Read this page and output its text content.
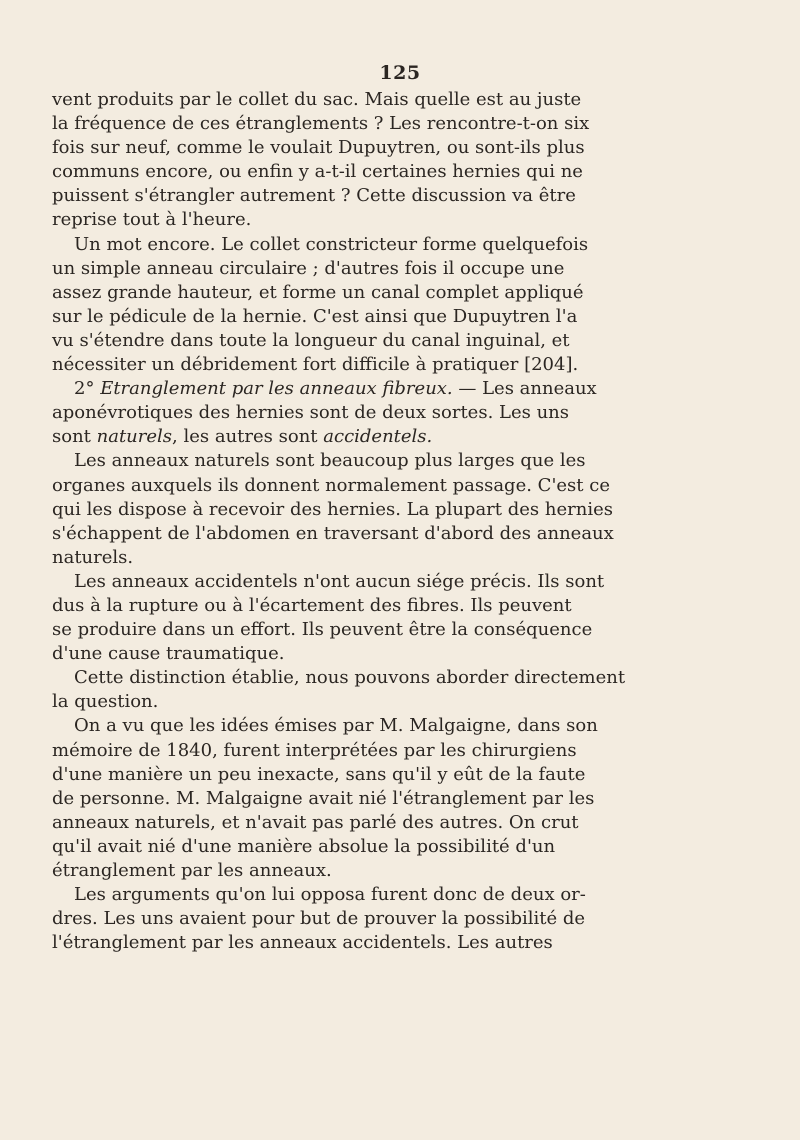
125
vent produits par le collet du sac. Mais quelle est au juste
la fréquence de ces étranglements ? Les rencontre-t-on six
fois sur neuf, comme le voulait Dupuytren, ou sont-ils plus
communs encore, ou enfin y a-t-il certaines hernies qui ne
puissent s'étrangler autrement ? Cette discussion va être
reprise tout à l'heure.
Un mot encore. Le collet constricteur forme quelquefois
un simple anneau circulaire ; d'autres fois il occupe une
assez grande hauteur, et forme un canal complet appliqué
sur le pédicule de la hernie. C'est ainsi que Dupuytren l'a
vu s'étendre dans toute la longueur du canal inguinal, et
nécessiter un débridement fort difficile à pratiquer [204].
2° Etranglement par les anneaux fibreux. — Les anneaux
aponévrotiques des hernies sont de deux sortes. Les uns
sont naturels, les autres sont accidentels.
Les anneaux naturels sont beaucoup plus larges que les
organes auxquels ils donnent normalement passage. C'est ce
qui les dispose à recevoir des hernies. La plupart des hernies
s'échappent de l'abdomen en traversant d'abord des anneaux
naturels.
Les anneaux accidentels n'ont aucun siége précis. Ils sont
dus à la rupture ou à l'écartement des fibres. Ils peuvent
se produire dans un effort. Ils peuvent être la conséquence
d'une cause traumatique.
Cette distinction établie, nous pouvons aborder directement
la question.
On a vu que les idées émises par M. Malgaigne, dans son
mémoire de 1840, furent interprétées par les chirurgiens
d'une manière un peu inexacte, sans qu'il y eût de la faute
de personne. M. Malgaigne avait nié l'étranglement par les
anneaux naturels, et n'avait pas parlé des autres. On crut
qu'il avait nié d'une manière absolue la possibilité d'un
étranglement par les anneaux.
Les arguments qu'on lui opposa furent donc de deux or-
dres. Les uns avaient pour but de prouver la possibilité de
l'étranglement par les anneaux accidentels. Les autres
